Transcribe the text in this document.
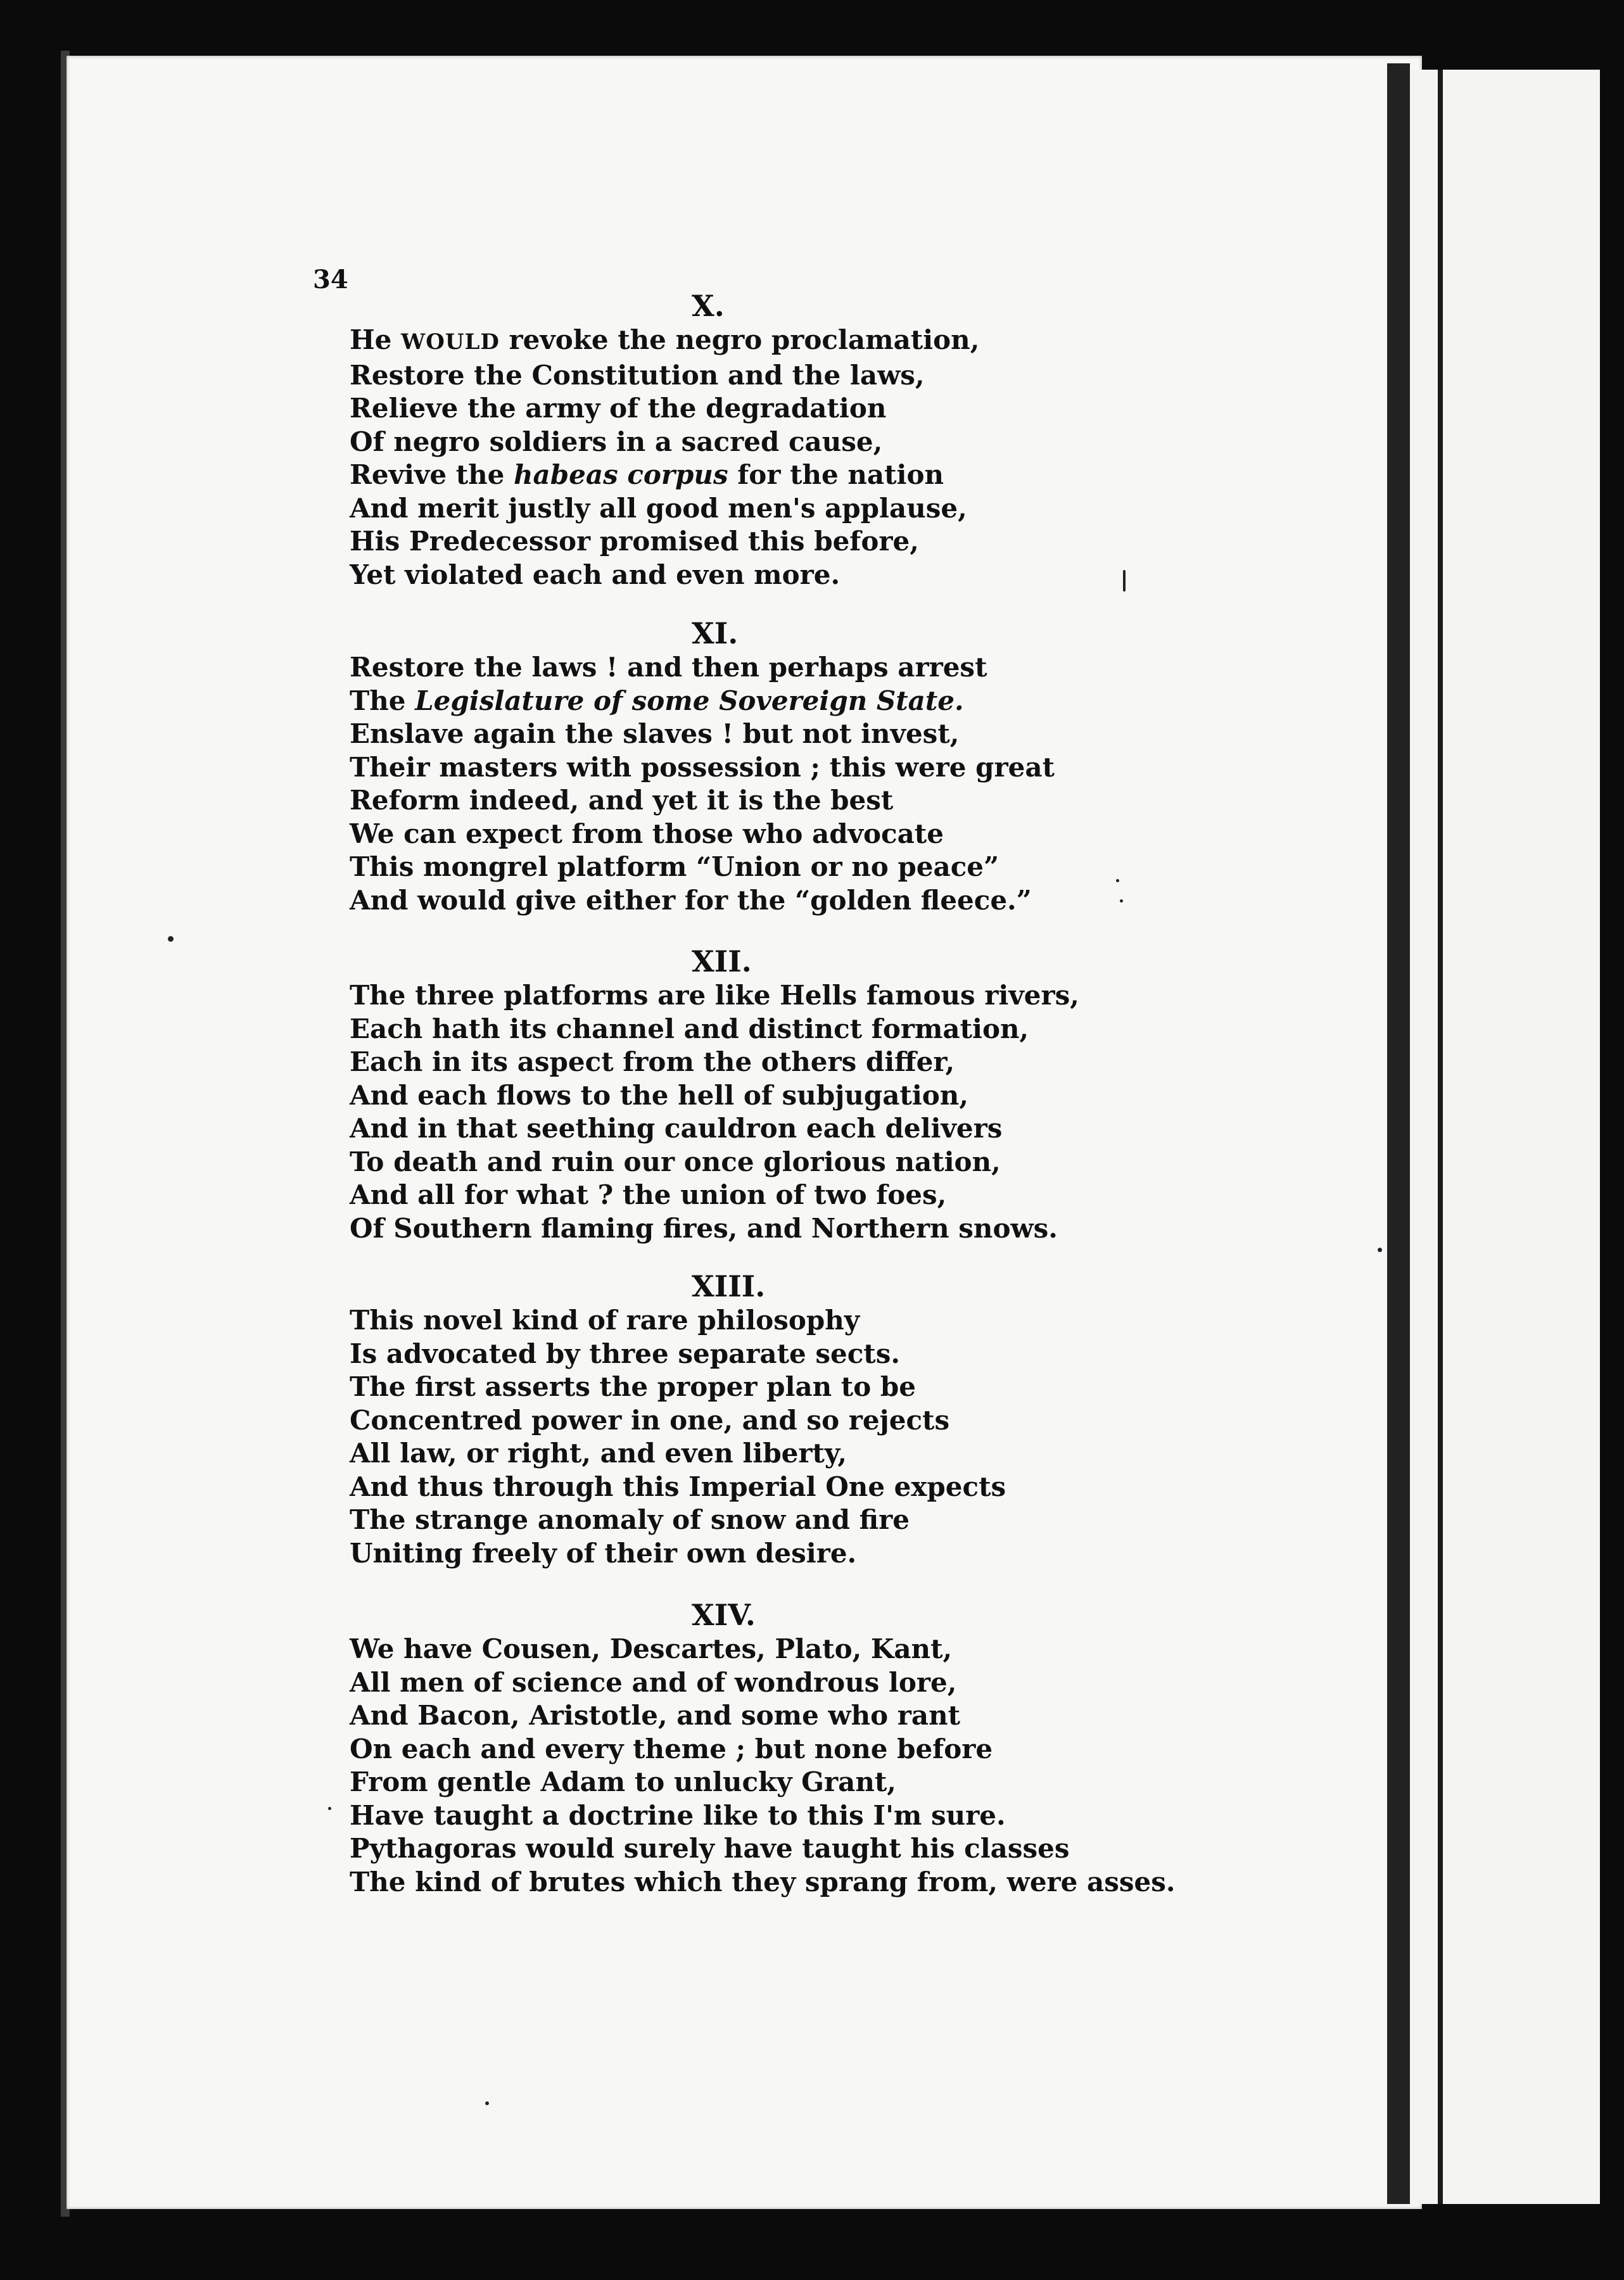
34
X.
He WOULD revoke the negro proclamation,
Restore the Constitution and the laws,
Relieve the army of the degradation
Of negro soldiers in a sacred cause,
Revive the habeas corpus for the nation
And merit justly all good men's applause,
His Predecessor promised this before,
Yet violated each and even more.
XI.
Restore the laws ! and then perhaps arrest
The Legislature of some Sovereign State.
Enslave again the slaves ! but not invest,
Their masters with possession ; this were great
Reform indeed, and yet it is the best
We can expect from those who advocate
This mongrel platform “Union or no peace”
And would give either for the “golden fleece.”
XII.
The three platforms are like Hells famous rivers,
Each hath its channel and distinct formation,
Each in its aspect from the others differ,
And each flows to the hell of subjugation,
And in that seething cauldron each delivers
To death and ruin our once glorious nation,
And all for what ? the union of two foes,
Of Southern flaming fires, and Northern snows.
XIII.
This novel kind of rare philosophy
Is advocated by three separate sects.
The first asserts the proper plan to be
Concentred power in one, and so rejects
All law, or right, and even liberty,
And thus through this Imperial One expects
The strange anomaly of snow and fire
Uniting freely of their own desire.
XIV.
We have Cousen, Descartes, Plato, Kant,
All men of science and of wondrous lore,
And Bacon, Aristotle, and some who rant
On each and every theme ; but none before
From gentle Adam to unlucky Grant,
Have taught a doctrine like to this I'm sure.
Pythagoras would surely have taught his classes
The kind of brutes which they sprang from, were asses.
